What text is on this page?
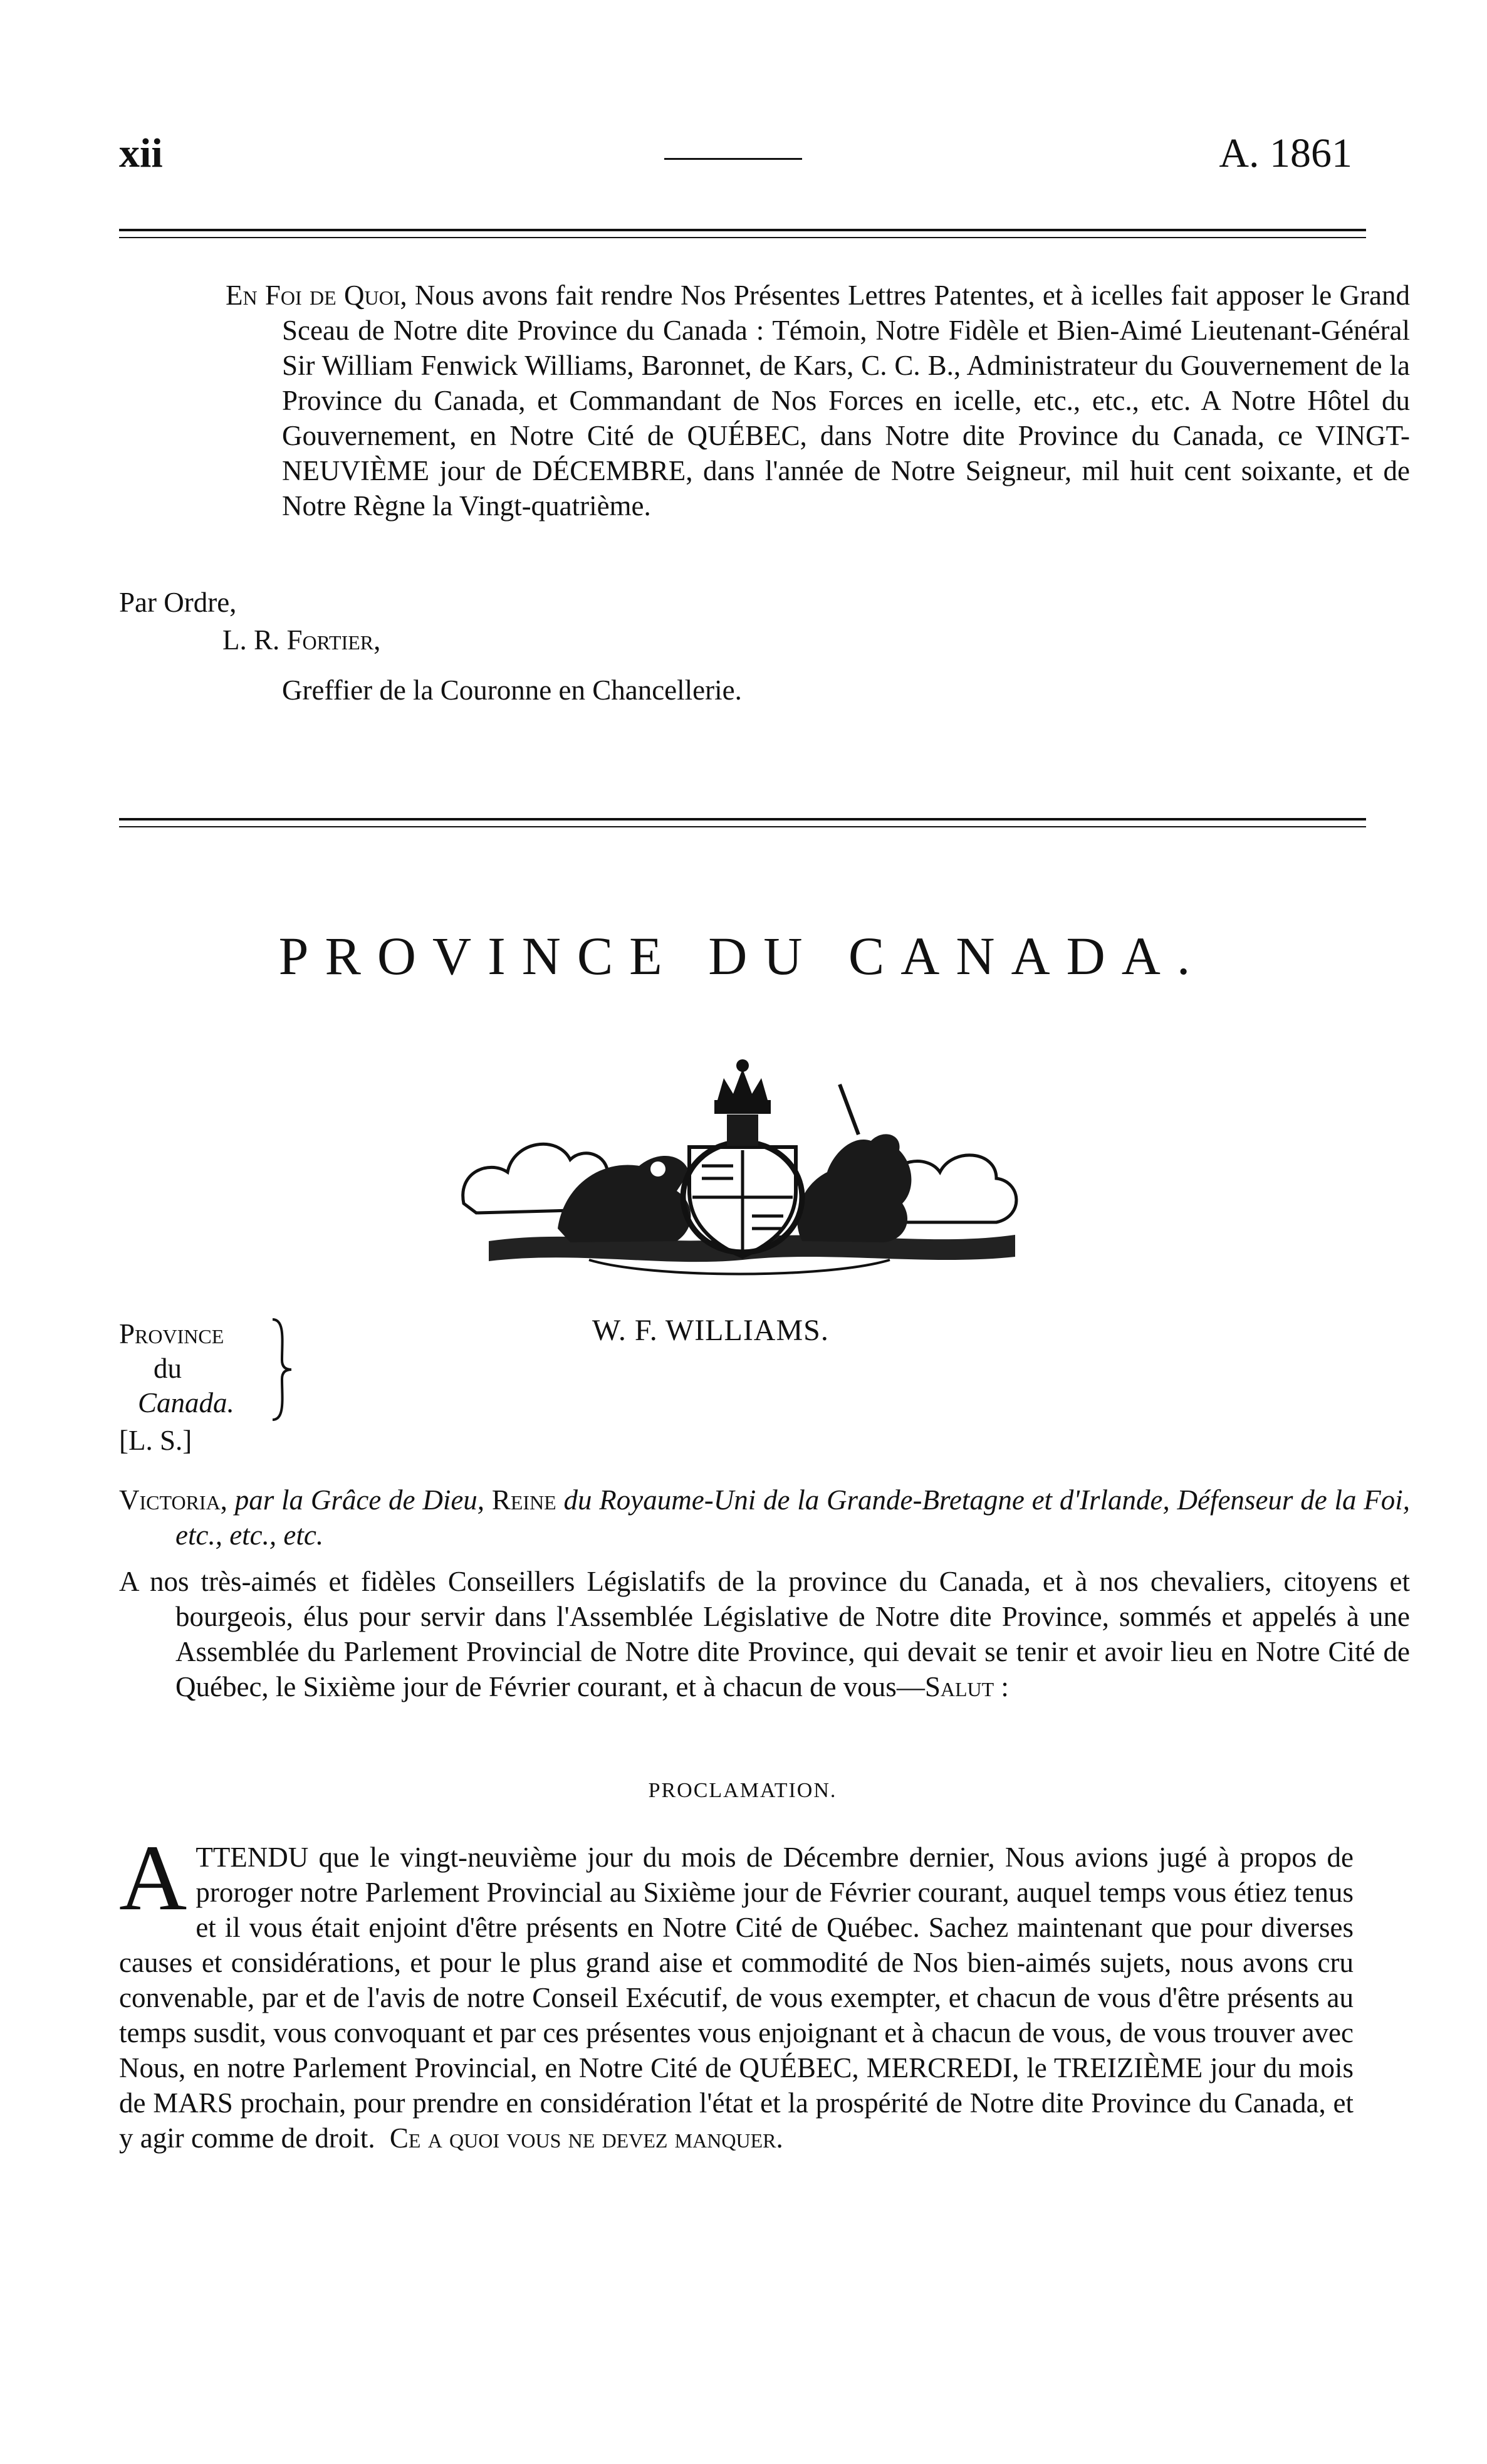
xii	A. 1861
En Foi de Quoi, Nous avons fait rendre Nos Présentes Lettres Patentes, et à icelles fait apposer le Grand Sceau de Notre dite Province du Canada : Témoin, Notre Fidèle et Bien-Aimé Lieutenant-Général Sir William Fenwick Williams, Baronnet, de Kars, C. C. B., Administrateur du Gouvernement de la Province du Canada, et Commandant de Nos Forces en icelle, etc., etc., etc. A Notre Hôtel du Gouvernement, en Notre Cité de QUÉBEC, dans Notre dite Province du Canada, ce VINGT-NEUVIÈME jour de DÉCEMBRE, dans l'année de Notre Seigneur, mil huit cent soixante, et de Notre Règne la Vingt-quatrième.
Par Ordre,
L. R. Fortier,
Greffier de la Couronne en Chancellerie.
PROVINCE DU CANADA.
Province
du
Canada.
[L. S.]
W. F. WILLIAMS.
Victoria, par la Grâce de Dieu, Reine du Royaume-Uni de la Grande-Bretagne et d'Irlande, Défenseur de la Foi, etc., etc., etc.
A nos très-aimés et fidèles Conseillers Législatifs de la province du Canada, et à nos chevaliers, citoyens et bourgeois, élus pour servir dans l'Assemblée Législative de Notre dite Province, sommés et appelés à une Assemblée du Parlement Provincial de Notre dite Province, qui devait se tenir et avoir lieu en Notre Cité de Québec, le Sixième jour de Février courant, et à chacun de vous—Salut :
PROCLAMATION.
ATTENDU que le vingt-neuvième jour du mois de Décembre dernier, Nous avions jugé à propos de proroger notre Parlement Provincial au Sixième jour de Février courant, auquel temps vous étiez tenus et il vous était enjoint d'être présents en Notre Cité de Québec. Sachez maintenant que pour diverses causes et considérations, et pour le plus grand aise et commodité de Nos bien-aimés sujets, nous avons cru convenable, par et de l'avis de notre Conseil Exécutif, de vous exempter, et chacun de vous d'être présents au temps susdit, vous convoquant et par ces présentes vous enjoignant et à chacun de vous, de vous trouver avec Nous, en notre Parlement Provincial, en Notre Cité de QUÉBEC, MERCREDI, le TREIZIÈME jour du mois de MARS prochain, pour prendre en considération l'état et la prospérité de Notre dite Province du Canada, et y agir comme de droit. Ce a quoi vous ne devez manquer.
